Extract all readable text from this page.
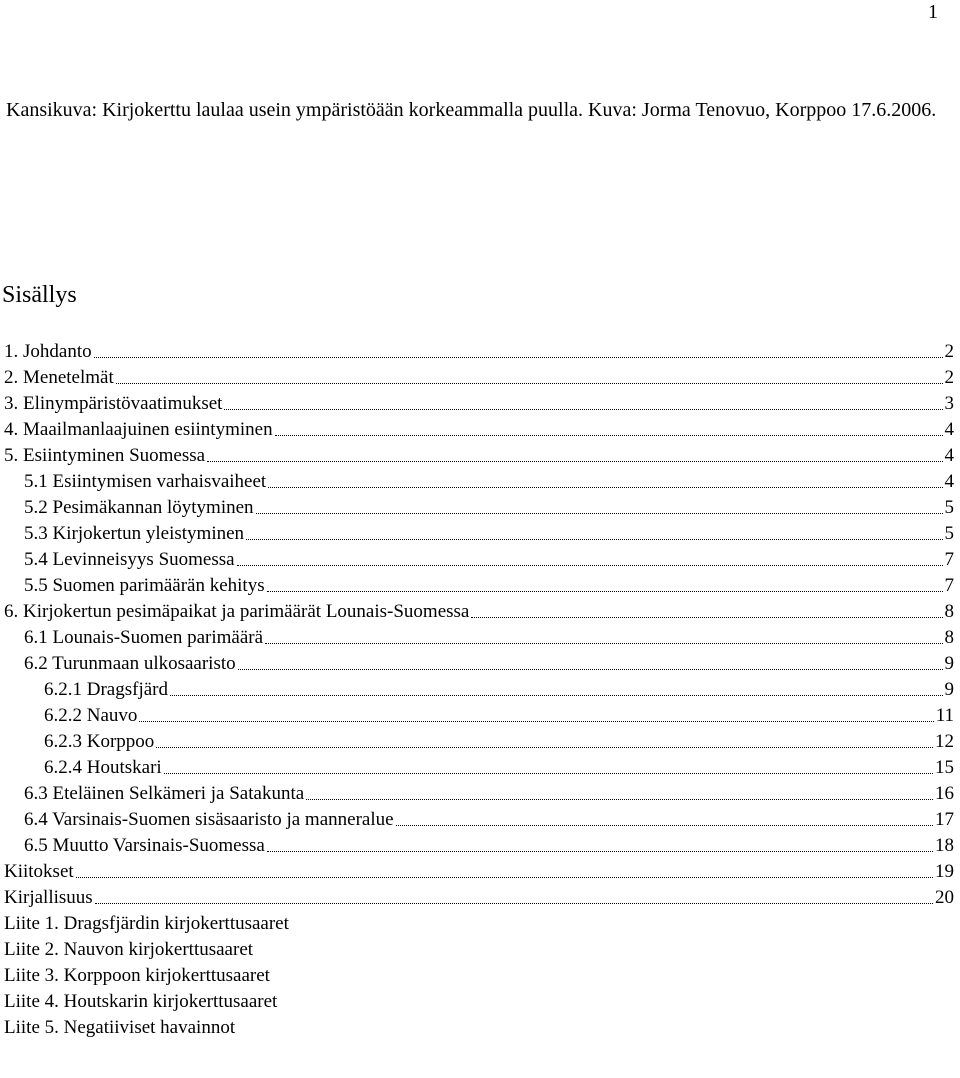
1
Kansikuva: Kirjokerttu laulaa usein ympäristöään korkeammalla puulla. Kuva: Jorma Tenovuo, Korppoo 17.6.2006.
Sisällys
1. Johdanto	2
2. Menetelmät	2
3. Elinympäristövaatimukset	3
4. Maailmanlaajuinen esiintyminen	4
5. Esiintyminen Suomessa	4
5.1 Esiintymisen varhaisvaiheet	4
5.2 Pesimäkannan löytyminen	5
5.3 Kirjokertun yleistyminen	5
5.4 Levinneisyys Suomessa	7
5.5 Suomen parimäärän kehitys	7
6. Kirjokertun pesimäpaikat ja parimäärät Lounais-Suomessa	8
6.1 Lounais-Suomen parimäärä	8
6.2 Turunmaan ulkosaaristo	9
6.2.1 Dragsfjärd	9
6.2.2 Nauvo	11
6.2.3 Korppoo	12
6.2.4 Houtskari	15
6.3 Eteläinen Selkämeri ja Satakunta	16
6.4 Varsinais-Suomen sisäsaaristo ja manneralue	17
6.5 Muutto Varsinais-Suomessa	18
Kiitokset	19
Kirjallisuus	20
Liite 1. Dragsfjärdin kirjokerttusaaret
Liite 2. Nauvon kirjokerttusaaret
Liite 3. Korppoon kirjokerttusaaret
Liite 4. Houtskarin kirjokerttusaaret
Liite 5. Negatiiviset havainnot
